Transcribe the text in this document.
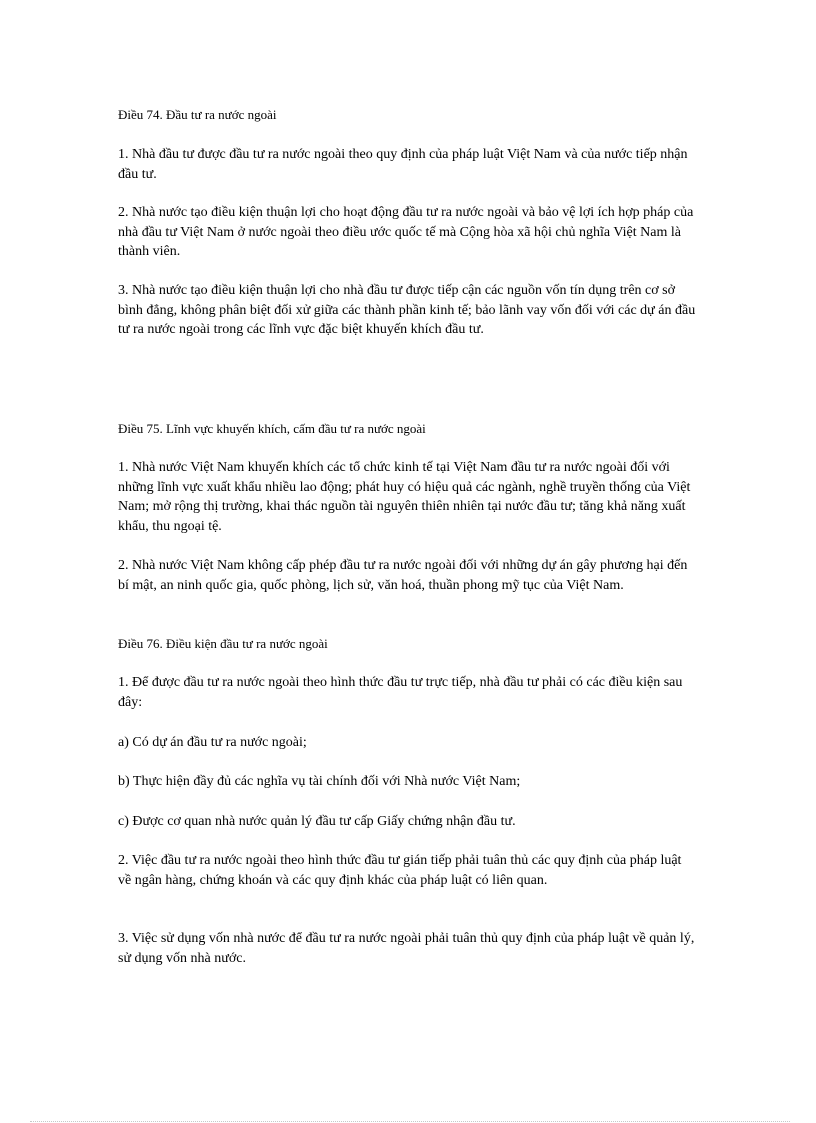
Điều 74. Đầu tư ra nước ngoài

1. Nhà đầu tư được đầu tư ra nước ngoài theo quy định của pháp luật Việt Nam và của nước tiếp nhận đầu tư.

2. Nhà nước tạo điều kiện thuận lợi cho hoạt động đầu tư ra nước ngoài và bảo vệ lợi ích hợp pháp của nhà đầu tư Việt Nam ở nước ngoài theo điều ước quốc tế mà Cộng hòa xã hội chủ nghĩa Việt Nam là thành viên.

3. Nhà nước tạo điều kiện thuận lợi cho nhà đầu tư được tiếp cận các nguồn vốn tín dụng trên cơ sở bình đẳng, không phân biệt đối xử giữa các thành phần kinh tế; bảo lãnh vay vốn đối với các dự án đầu tư ra nước ngoài trong các lĩnh vực đặc biệt khuyến khích đầu tư.

Điều 75. Lĩnh vực khuyến khích, cấm đầu tư ra nước ngoài

1. Nhà nước Việt Nam khuyến khích các tổ chức kinh tế tại Việt Nam đầu tư ra nước ngoài đối với những lĩnh vực xuất khẩu nhiều lao động; phát huy có hiệu quả các ngành, nghề truyền thống của Việt Nam; mở rộng thị trường, khai thác nguồn tài nguyên thiên nhiên tại nước đầu tư; tăng khả năng xuất khẩu, thu ngoại tệ.

2. Nhà nước Việt Nam không cấp phép đầu tư ra nước ngoài đối với những dự án gây phương hại đến bí mật, an ninh quốc gia, quốc phòng, lịch sử, văn hoá, thuần phong mỹ tục của Việt Nam.

Điều 76. Điều kiện đầu tư ra nước ngoài

1. Để được đầu tư ra nước ngoài theo hình thức đầu tư trực tiếp, nhà đầu tư phải có các điều kiện sau đây:

a) Có dự án đầu tư ra nước ngoài;

b) Thực hiện đầy đủ các nghĩa vụ tài chính đối với Nhà nước Việt Nam;

c) Được cơ quan nhà nước quản lý đầu tư cấp Giấy chứng nhận đầu tư.

2. Việc đầu tư ra nước ngoài theo hình thức đầu tư gián tiếp phải tuân thủ các quy định của pháp luật về ngân hàng, chứng khoán và các quy định khác của pháp luật có liên quan.

3. Việc sử dụng vốn nhà nước để đầu tư ra nước ngoài phải tuân thủ quy định của pháp luật về quản lý, sử dụng vốn nhà nước.
